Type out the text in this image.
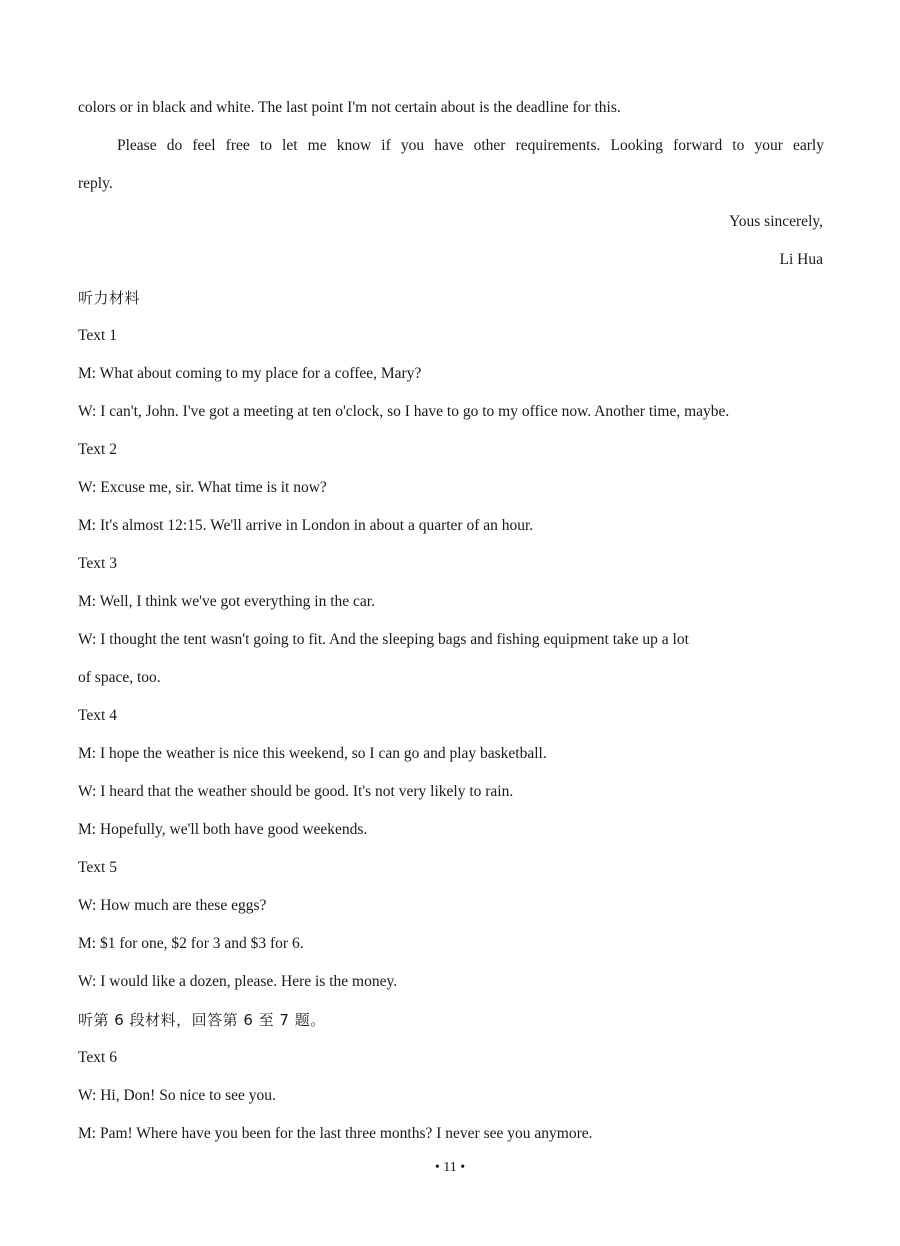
colors or in black and white. The last point I'm not certain about is the deadline for this.
Please do feel free to let me know if you have other requirements. Looking forward to your early
reply.
Yous sincerely,
Li Hua
听力材料
Text 1
M: What about coming to my place for a coffee, Mary?
W: I can't, John. I've got a meeting at ten o'clock, so I have to go to my office now. Another time, maybe.
Text 2
W: Excuse me, sir. What time is it now?
M: It's almost 12:15. We'll arrive in London in about a quarter of an hour.
Text 3
M: Well, I think we've got everything in the car.
W: I thought the tent wasn't going to fit. And the sleeping bags and fishing equipment take up a lot
of space, too.
Text 4
M: I hope the weather is nice this weekend, so I can go and play basketball.
W: I heard that the weather should be good. It's not very likely to rain.
M: Hopefully, we'll both have good weekends.
Text 5
W: How much are these eggs?
M: $1 for one, $2 for 3 and $3 for 6.
W: I would like a dozen, please. Here is the money.
听第 6 段材料，回答第 6 至 7 题。
Text 6
W: Hi, Don! So nice to see you.
M: Pam! Where have you been for the last three months? I never see you anymore.
• 11 •
